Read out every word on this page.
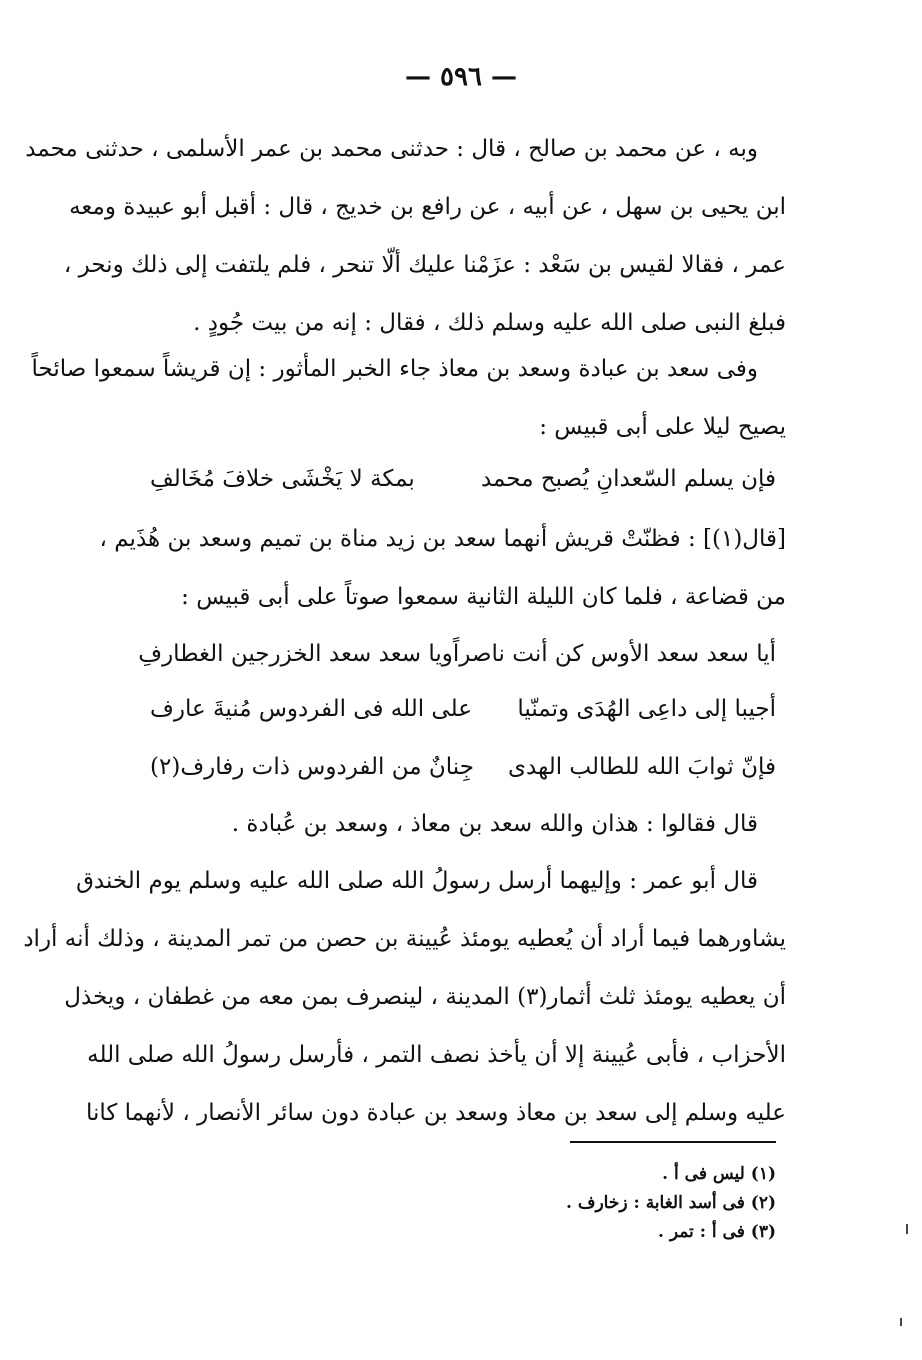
— ٥٩٦ —
وبه ، عن محمد بن صالح ، قال : حدثنى محمد بن عمر الأسلمى ، حدثنى محمد
ابن يحيى بن سهل ، عن أبيه ، عن رافع بن خديج ، قال : أقبل أبو عبيدة ومعه
عمر ، فقالا لقيس بن سَعْد : عزَمْنا عليك ألّا تنحر ، فلم يلتفت إلى ذلك ونحر ،
فبلغ النبى صلى الله عليه وسلم ذلك ، فقال : إنه من بيت جُودٍ .
وفى سعد بن عبادة وسعد بن معاذ جاء الخبر المأثور : إن قريشاً سمعوا صائحاً
يصيح ليلا على أبى قبيس :
فإن يسلم السّعدانِ يُصبح محمد
بمكة لا يَخْشَى خلافَ مُخَالفِ
[قال(١)] : فظنّتْ قريش أنهما سعد بن زيد مناة بن تميم وسعد بن هُذَيم ،
من قضاعة ، فلما كان الليلة الثانية سمعوا صوتاً على أبى قبيس :
أيا سعد سعد الأوس كن أنت ناصراً
ويا سعد سعد الخزرجين الغطارفِ
أجيبا إلى داعِى الهُدَى وتمنّيا
على الله فى الفردوس مُنيةَ عارف
فإنّ ثوابَ الله للطالب الهدى
جِنانٌ من الفردوس ذات رفارف(٢)
قال فقالوا : هذان والله سعد بن معاذ ، وسعد بن عُبادة .
قال أبو عمر : وإليهما أرسل رسولُ الله صلى الله عليه وسلم يوم الخندق
يشاورهما فيما أراد أن يُعطيه يومئذ عُيينة بن حصن من تمر المدينة ، وذلك أنه أراد
أن يعطيه يومئذ ثلث أثمار(٣) المدينة ، لينصرف بمن معه من غطفان ، ويخذل
الأحزاب ، فأبى عُيينة إلا أن يأخذ نصف التمر ، فأرسل رسولُ الله صلى الله
عليه وسلم إلى سعد بن معاذ وسعد بن عبادة دون سائر الأنصار ، لأنهما كانا
(١) ليس فى أ .
(٢) فى أسد الغابة : زخارف .
(٣) فى أ : تمر .
